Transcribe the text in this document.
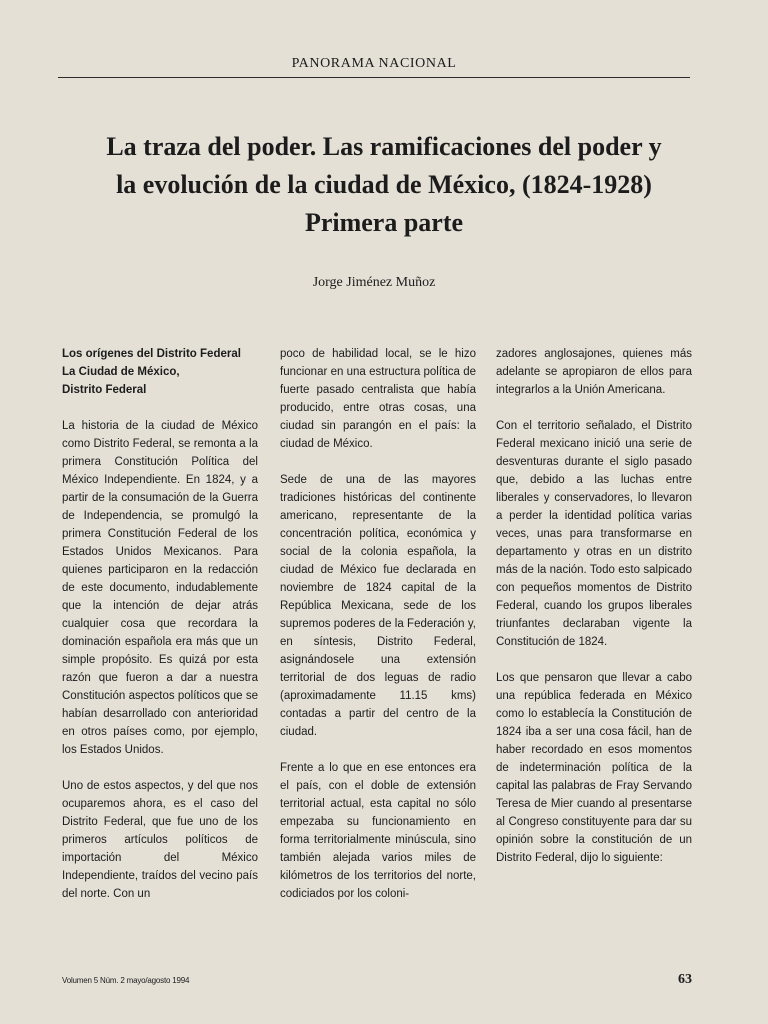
PANORAMA NACIONAL
La traza del poder. Las ramificaciones del poder y
la evolución de la ciudad de México, (1824-1928)
Primera parte
Jorge Jiménez Muñoz

Los orígenes del Distrito Federal
La Ciudad de México,
Distrito Federal

La historia de la ciudad de México como Distrito Federal, se remonta a la primera Constitución Política del México Independiente. En 1824, y a partir de la consumación de la Guerra de Independencia, se promulgó la primera Constitución Federal de los Estados Unidos Mexicanos. Para quienes participaron en la redacción de este documento, indudablemente que la intención de dejar atrás cualquier cosa que recordara la dominación española era más que un simple propósito. Es quizá por esta razón que fueron a dar a nuestra Constitución aspectos políticos que se habían desarrollado con anterioridad en otros países como, por ejemplo, los Estados Unidos.

Uno de estos aspectos, y del que nos ocuparemos ahora, es el caso del Distrito Federal, que fue uno de los primeros artículos políticos de importación del México Independiente, traídos del vecino país del norte. Con un

poco de habilidad local, se le hizo funcionar en una estructura política de fuerte pasado centralista que había producido, entre otras cosas, una ciudad sin parangón en el país: la ciudad de México.

Sede de una de las mayores tradiciones históricas del continente americano, representante de la concentración política, económica y social de la colonia española, la ciudad de México fue declarada en noviembre de 1824 capital de la República Mexicana, sede de los supremos poderes de la Federación y, en síntesis, Distrito Federal, asignándosele una extensión territorial de dos leguas de radio (aproximadamente 11.15 kms) contadas a partir del centro de la ciudad.

Frente a lo que en ese entonces era el país, con el doble de extensión territorial actual, esta capital no sólo empezaba su funcionamiento en forma territorialmente minúscula, sino también alejada varios miles de kilómetros de los territorios del norte, codiciados por los coloni-

zadores anglosajones, quienes más adelante se apropiaron de ellos para integrarlos a la Unión Americana.

Con el territorio señalado, el Distrito Federal mexicano inició una serie de desventuras durante el siglo pasado que, debido a las luchas entre liberales y conservadores, lo llevaron a perder la identidad política varias veces, unas para transformarse en departamento y otras en un distrito más de la nación. Todo esto salpicado con pequeños momentos de Distrito Federal, cuando los grupos liberales triunfantes declaraban vigente la Constitución de 1824.

Los que pensaron que llevar a cabo una república federada en México como lo establecía la Constitución de 1824 iba a ser una cosa fácil, han de haber recordado en esos momentos de indeterminación política de la capital las palabras de Fray Servando Teresa de Mier cuando al presentarse al Congreso constituyente para dar su opinión sobre la constitución de un Distrito Federal, dijo lo siguiente:

Volumen 5 Núm. 2 mayo/agosto 1994	63
